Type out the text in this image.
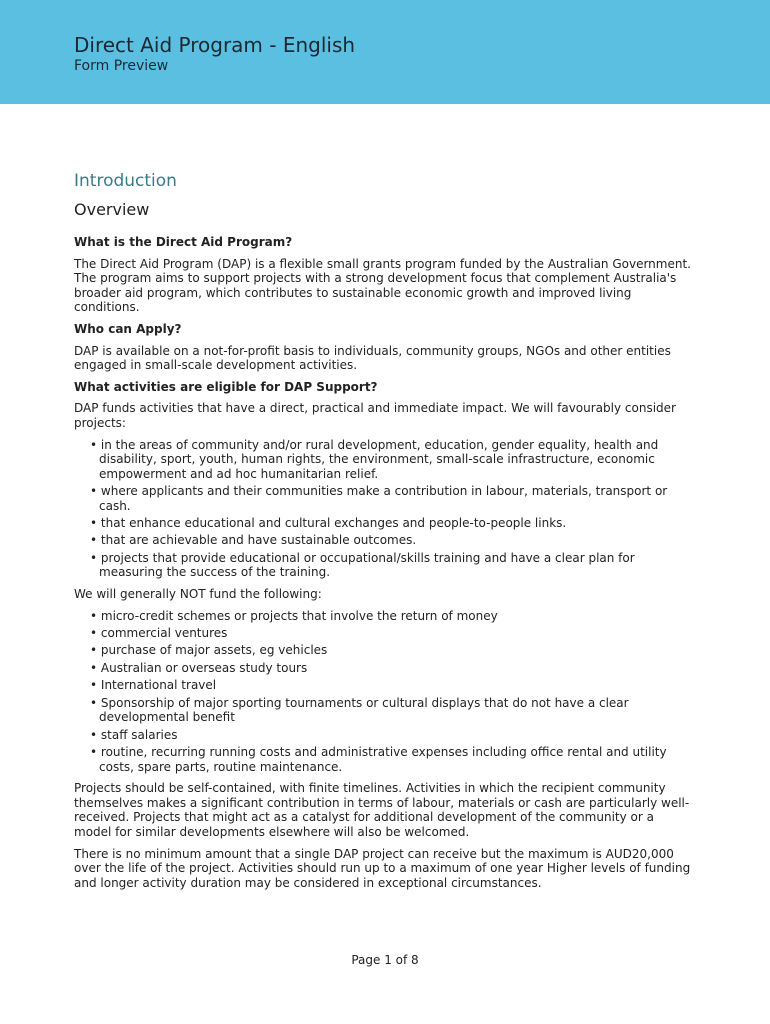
Direct Aid Program - English
Form Preview
Introduction
Overview
What is the Direct Aid Program?

The Direct Aid Program (DAP) is a flexible small grants program funded by the Australian Government. The program aims to support projects with a strong development focus that complement Australia's broader aid program, which contributes to sustainable economic growth and improved living conditions.

Who can Apply?

DAP is available on a not-for-profit basis to individuals, community groups, NGOs and other entities engaged in small-scale development activities.

What activities are eligible for DAP Support?

DAP funds activities that have a direct, practical and immediate impact. We will favourably consider projects:

• in the areas of community and/or rural development, education, gender equality, health and disability, sport, youth, human rights, the environment, small-scale infrastructure, economic empowerment and ad hoc humanitarian relief.
• where applicants and their communities make a contribution in labour, materials, transport or cash.
• that enhance educational and cultural exchanges and people-to-people links.
• that are achievable and have sustainable outcomes.
• projects that provide educational or occupational/skills training and have a clear plan for measuring the success of the training.

We will generally NOT fund the following:

• micro-credit schemes or projects that involve the return of money
• commercial ventures
• purchase of major assets, eg vehicles
• Australian or overseas study tours
• International travel
• Sponsorship of major sporting tournaments or cultural displays that do not have a clear developmental benefit
• staff salaries
• routine, recurring running costs and administrative expenses including office rental and utility costs, spare parts, routine maintenance.

Projects should be self-contained, with finite timelines. Activities in which the recipient community themselves makes a significant contribution in terms of labour, materials or cash are particularly well-received. Projects that might act as a catalyst for additional development of the community or a model for similar developments elsewhere will also be welcomed.

There is no minimum amount that a single DAP project can receive but the maximum is AUD20,000 over the life of the project. Activities should run up to a maximum of one year Higher levels of funding and longer activity duration may be considered in exceptional circumstances.

Page 1 of 8
